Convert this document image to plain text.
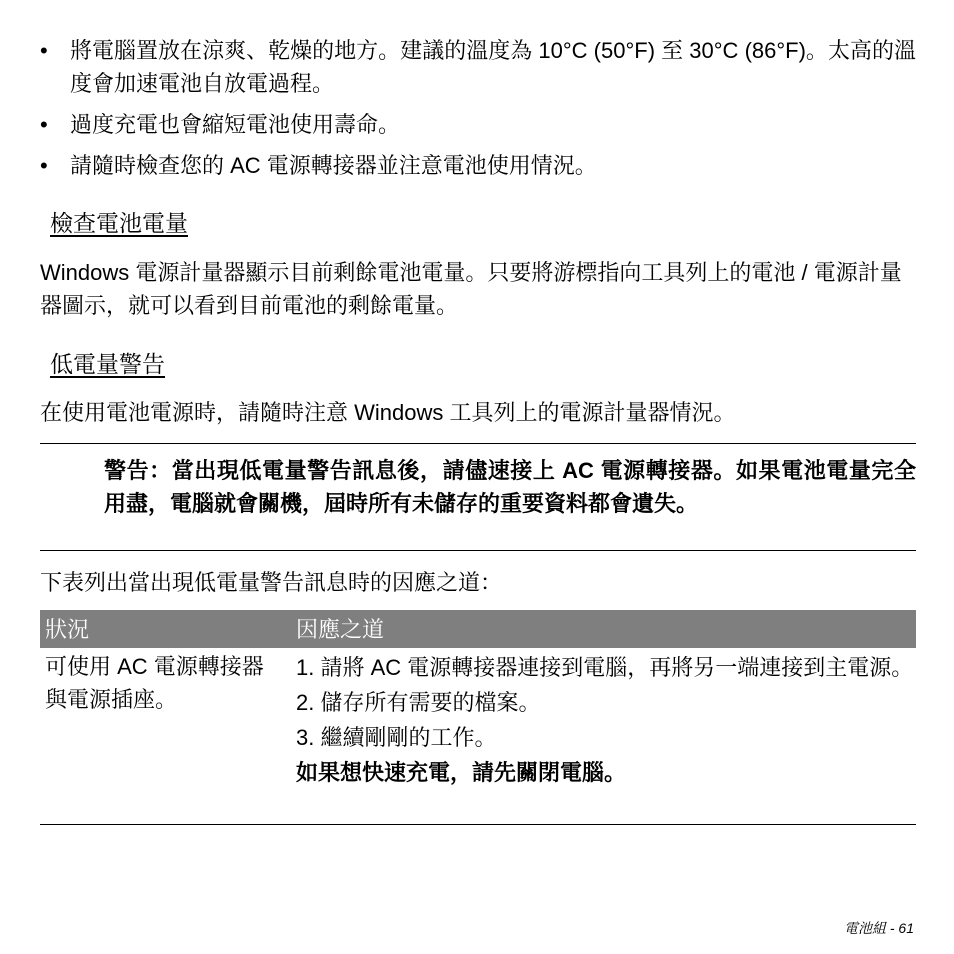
• 將電腦置放在涼爽、乾燥的地方。建議的溫度為 10°C (50°F) 至 30°C (86°F)。太高的溫度會加速電池自放電過程。
• 過度充電也會縮短電池使用壽命。
• 請隨時檢查您的 AC 電源轉接器並注意電池使用情況。
檢查電池電量
Windows 電源計量器顯示目前剩餘電池電量。只要將游標指向工具列上的電池 / 電源計量器圖示，就可以看到目前電池的剩餘電量。
低電量警告
在使用電池電源時，請隨時注意 Windows 工具列上的電源計量器情況。
警告：當出現低電量警告訊息後，請儘速接上 AC 電源轉接器。如果電池電量完全用盡，電腦就會關機，屆時所有未儲存的重要資料都會遺失。
下表列出當出現低電量警告訊息時的因應之道：
狀況	因應之道
可使用 AC 電源轉接器與電源插座。
1. 請將 AC 電源轉接器連接到電腦，再將另一端連接到主電源。
2. 儲存所有需要的檔案。
3. 繼續剛剛的工作。
如果想快速充電，請先關閉電腦。
電池組 - 61
